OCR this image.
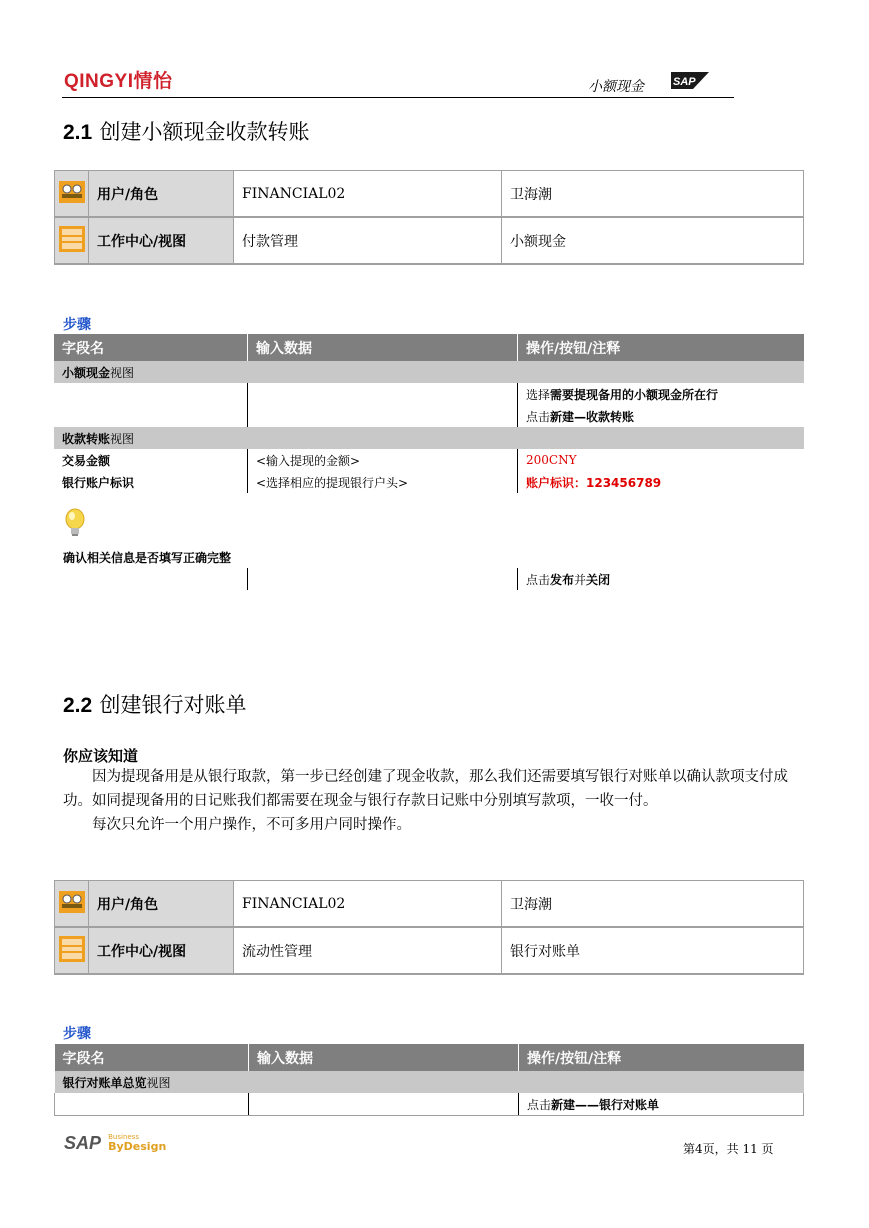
QINGYI情怡	小额现金	SAP
2.1 创建小额现金收款转账
	用户/角色	FINANCIAL02	卫海潮
	工作中心/视图	付款管理	小额现金
步骤
字段名	输入数据	操作/按钮/注释
小额现金视图		
		选择需要提现备用的小额现金所在行
		点击新建—收款转账
收款转账视图		
交易金额	<输入提现的金额>	200CNY
银行账户标识	<选择相应的提现银行户头>	账户标识：123456789
确认相关信息是否填写正确完整
		点击发布并关闭
2.2 创建银行对账单
你应该知道

因为提现备用是从银行取款，第一步已经创建了现金收款，那么我们还需要填写银行对账单以确认款项支付成功。如同提现备用的日记账我们都需要在现金与银行存款日记账中分别填写款项，一收一付。

每次只允许一个用户操作，不可多用户同时操作。

	用户/角色	FINANCIAL02	卫海潮
	工作中心/视图	流动性管理	银行对账单
步骤
字段名	输入数据	操作/按钮/注释
银行对账单总览视图		
		点击新建——银行对账单
SAP Business
ByDesign	第4页，共 11 页
